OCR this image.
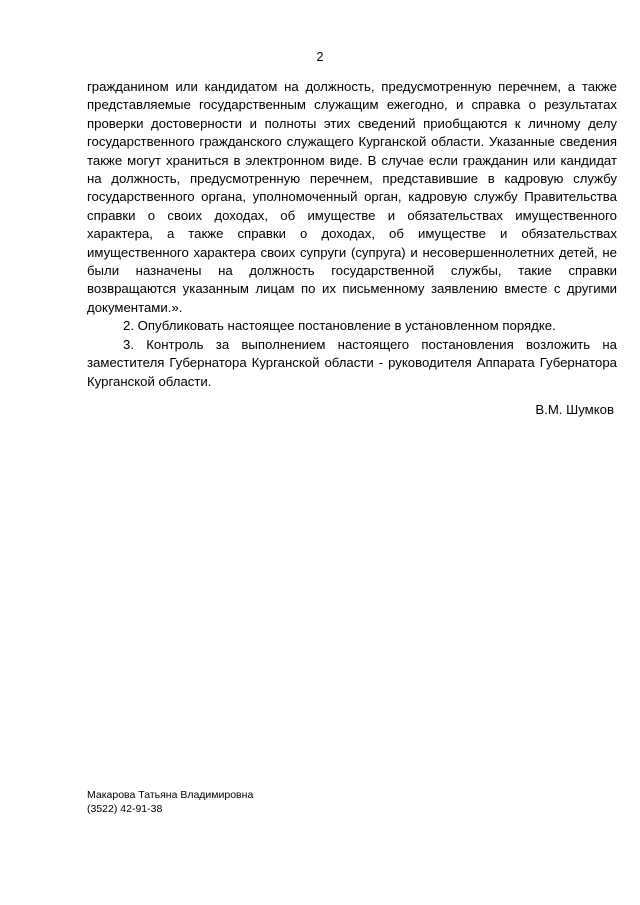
2

гражданином или кандидатом на должность, предусмотренную перечнем, а также представляемые государственным служащим ежегодно, и справка о результатах проверки достоверности и полноты этих сведений приобщаются к личному делу государственного гражданского служащего Курганской области. Указанные сведения также могут храниться в электронном виде. В случае если гражданин или кандидат на должность, предусмотренную перечнем, представившие в кадровую службу государственного органа, уполномоченный орган, кадровую службу Правительства справки о своих доходах, об имуществе и обязательствах имущественного характера, а также справки о доходах, об имуществе и обязательствах имущественного характера своих супруги (супруга) и несовершеннолетних детей, не были назначены на должность государственной службы, такие справки возвращаются указанным лицам по их письменному заявлению вместе с другими документами.».

2. Опубликовать настоящее постановление в установленном порядке.

3. Контроль за выполнением настоящего постановления возложить на заместителя Губернатора Курганской области - руководителя Аппарата Губернатора Курганской области.

В.М. Шумков
Макарова Татьяна Владимировна
(3522) 42-91-38
